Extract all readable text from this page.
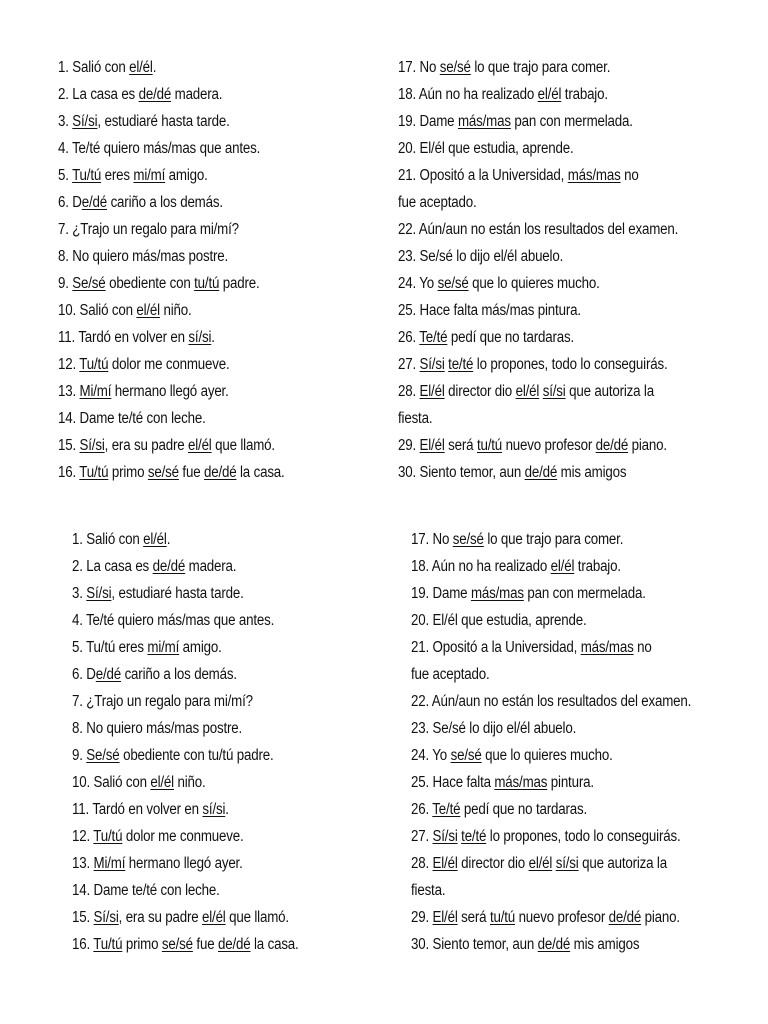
1. Salió con el/él.
2. La casa es de/dé madera.
3. Sí/si, estudiaré hasta tarde.
4. Te/té quiero más/mas que antes.
5. Tu/tú eres mi/mí amigo.
6. De/dé cariño a los demás.
7. ¿Trajo un regalo para mi/mí?
8. No quiero más/mas postre.
9. Se/sé obediente con tu/tú padre.
10. Salió con el/él niño.
11. Tardó en volver en sí/si.
12. Tu/tú dolor me conmueve.
13. Mi/mí hermano llegó ayer.
14. Dame te/té con leche.
15. Sí/si, era su padre el/él que llamó.
16. Tu/tú primo se/sé fue de/dé la casa.
17. No se/sé lo que trajo para comer.
18. Aún no ha realizado el/él trabajo.
19. Dame más/mas pan con mermelada.
20. El/él que estudia, aprende.
21. Opositó a la Universidad, más/mas no fue aceptado.
22. Aún/aun no están los resultados del examen.
23. Se/sé lo dijo el/él abuelo.
24. Yo se/sé que lo quieres mucho.
25. Hace falta más/mas pintura.
26. Te/té pedí que no tardaras.
27. Sí/si te/té lo propones, todo lo conseguirás.
28. El/él director dio el/él sí/si que autoriza la fiesta.
29. El/él será tu/tú nuevo profesor de/dé piano.
30. Siento temor, aun de/dé mis amigos
1. Salió con el/él.
2. La casa es de/dé madera.
3. Sí/si, estudiaré hasta tarde.
4. Te/té quiero más/mas que antes.
5. Tu/tú eres mi/mí amigo.
6. De/dé cariño a los demás.
7. ¿Trajo un regalo para mi/mí?
8. No quiero más/mas postre.
9. Se/sé obediente con tu/tú padre.
10. Salió con el/él niño.
11. Tardó en volver en sí/si.
12. Tu/tú dolor me conmueve.
13. Mi/mí hermano llegó ayer.
14. Dame te/té con leche.
15. Sí/si, era su padre el/él que llamó.
16. Tu/tú primo se/sé fue de/dé la casa.
17. No se/sé lo que trajo para comer.
18. Aún no ha realizado el/él trabajo.
19. Dame más/mas pan con mermelada.
20. El/él que estudia, aprende.
21. Opositó a la Universidad, más/mas no fue aceptado.
22. Aún/aun no están los resultados del examen.
23. Se/sé lo dijo el/él abuelo.
24. Yo se/sé que lo quieres mucho.
25. Hace falta más/mas pintura.
26. Te/té pedí que no tardaras.
27. Sí/si te/té lo propones, todo lo conseguirás.
28. El/él director dio el/él sí/si que autoriza la fiesta.
29. El/él será tu/tú nuevo profesor de/dé piano.
30. Siento temor, aun de/dé mis amigos
